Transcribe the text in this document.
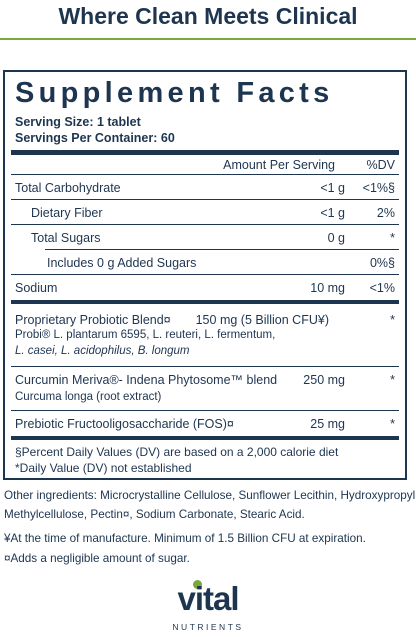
Where Clean Meets Clinical
Supplement Facts
Serving Size: 1 tablet
Servings Per Container: 60
Amount Per Serving	%DV
Total Carbohydrate	<1 g <1%§
Dietary Fiber	<1 g	2%
Total Sugars	0 g	*
Includes 0 g Added Sugars	0%§
Sodium	10 mg <1%
Proprietary Probiotic Blend¤ 150 mg (5 Billion CFU¥)	*
Probi® L. plantarum 6595, L. reuteri, L. fermentum,
L. casei, L. acidophilus, B. longum
Curcumin Meriva®- Indena Phytosome™ blend 250 mg	*
Curcuma longa (root extract)
Prebiotic Fructooligosaccharide (FOS)¤	25 mg	*
§Percent Daily Values (DV) are based on a 2,000 calorie diet
*Daily Value (DV) not established
Other ingredients: Microcrystalline Cellulose, Sunflower Lecithin, Hydroxypropyl
Methylcellulose, Pectin¤, Sodium Carbonate, Stearic Acid.
¥At the time of manufacture. Minimum of 1.5 Billion CFU at expiration.
¤Adds a negligible amount of sugar.
vital
NUTRIENTS
